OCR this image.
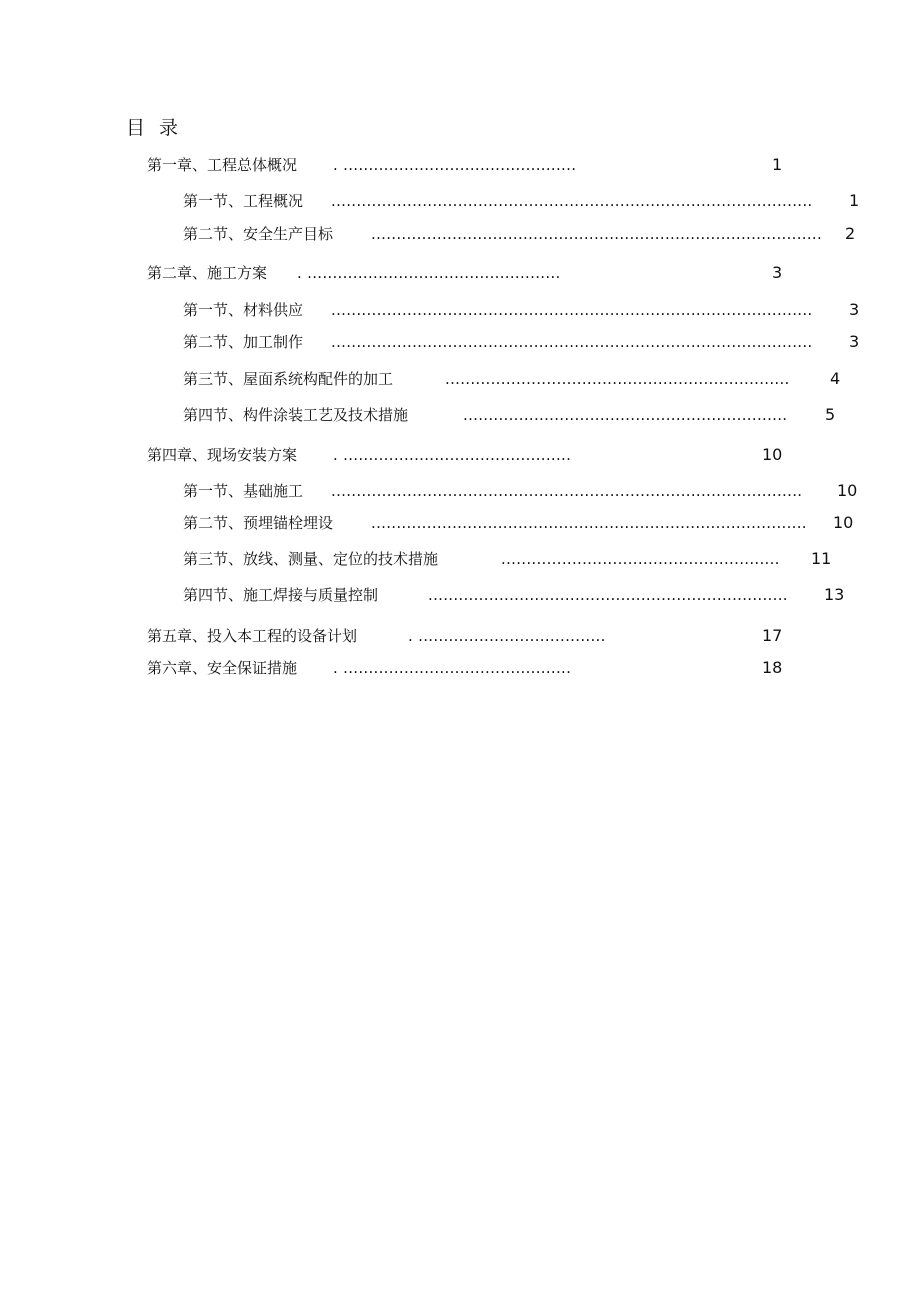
目 录
第一章、工程总体概况 . ..............................................	1
第一节、工程概况 ...............................................................................................	1
第二节、安全生产目标	.........................................................................................	2
第二章、施工方案 . ..................................................	3
第一节、材料供应 ...............................................................................................	3
第二节、加工制作 ...............................................................................................	3
第三节、屋面系统构配件的加工	....................................................................	4
第四节、构件涂装工艺及技术措施	................................................................	5
第四章、现场安装方案 . .............................................	10
第一节、基础施工 .............................................................................................	10
第二节、预埋锚栓埋设	......................................................................................	10
第三节、放线、测量、定位的技术措施	.......................................................	11
第四节、施工焊接与质量控制	.......................................................................	13
第五章、投入本工程的设备计划	. .....................................	17
第六章、安全保证措施 . .............................................	18
